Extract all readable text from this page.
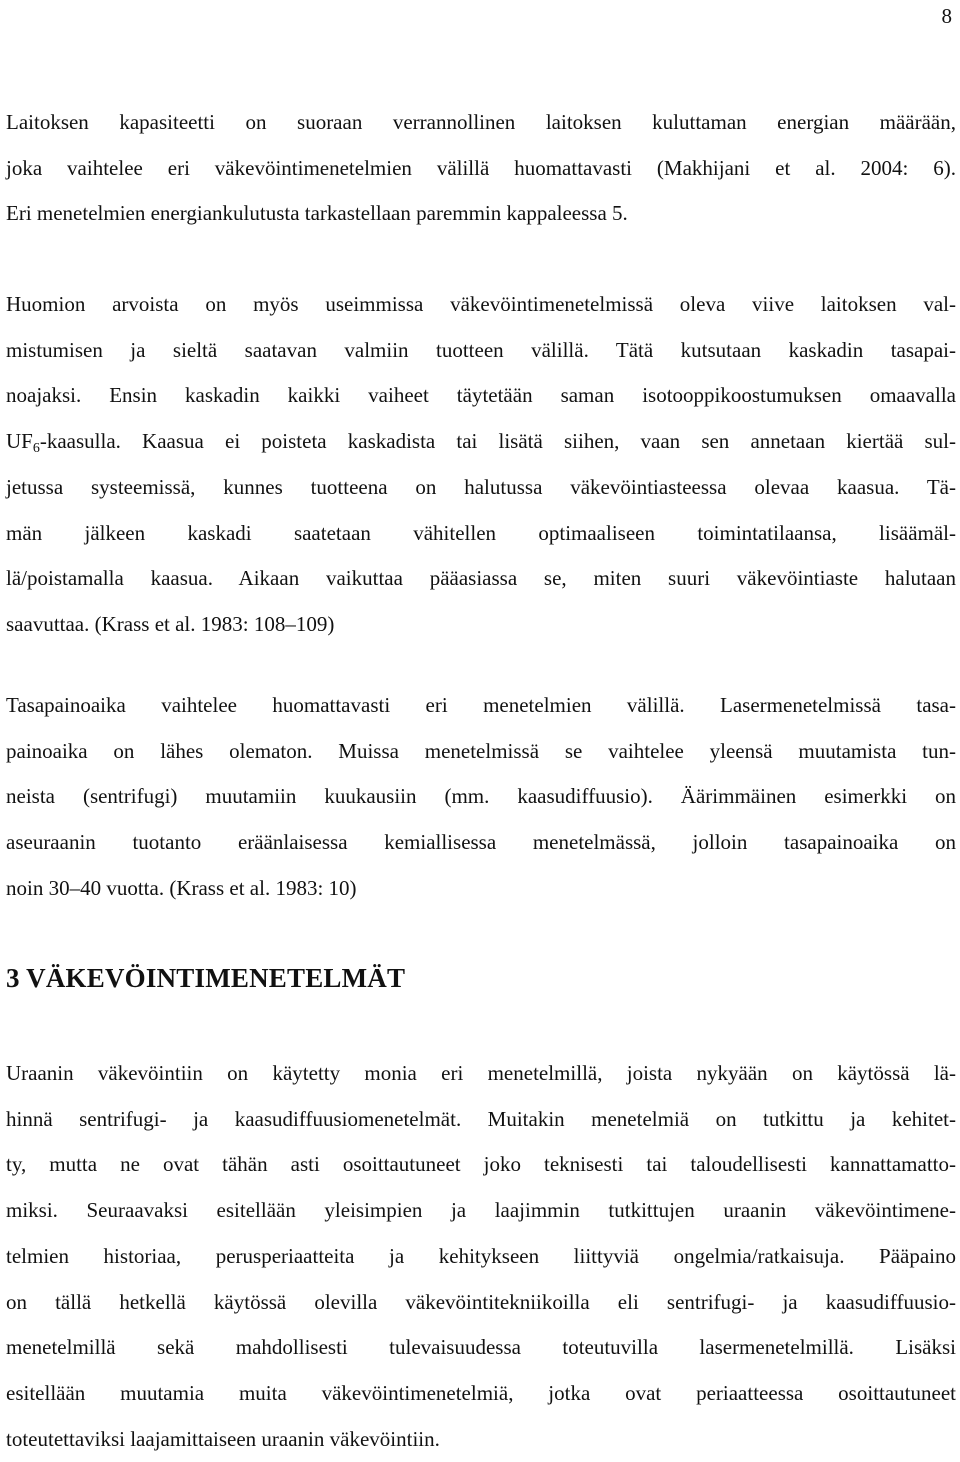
8

Laitoksen kapasiteetti on suoraan verrannollinen laitoksen kuluttaman energian määrään,
joka vaihtelee eri väkevöintimenetelmien välillä huomattavasti (Makhijani et al. 2004: 6).
Eri menetelmien energiankulutusta tarkastellaan paremmin kappaleessa 5.

Huomion arvoista on myös useimmissa väkevöintimenetelmissä oleva viive laitoksen val-
mistumisen ja sieltä saatavan valmiin tuotteen välillä. Tätä kutsutaan kaskadin tasapai-
noajaksi. Ensin kaskadin kaikki vaiheet täytetään saman isotooppikoostumuksen omaavalla
$UF_6$-kaasulla. Kaasua ei poisteta kaskadista tai lisätä siihen, vaan sen annetaan kiertää sul-
jetussa systeemissä, kunnes tuotteena on halutussa väkevöintiasteessa olevaa kaasua. Tä-
män jälkeen kaskadi saatetaan vähitellen optimaaliseen toimintatilaansa, lisäämäl-
lä/poistamalla kaasua. Aikaan vaikuttaa pääasiassa se, miten suuri väkevöintiaste halutaan
saavuttaa. (Krass et al. 1983: 108–109)

Tasapainoaika vaihtelee huomattavasti eri menetelmien välillä. Lasermenetelmissä tasa-
painoaika on lähes olematon. Muissa menetelmissä se vaihtelee yleensä muutamista tun-
neista (sentrifugi) muutamiin kuukausiin (mm. kaasudiffuusio). Äärimmäinen esimerkki on
aseuraanin tuotanto eräänlaisessa kemiallisessa menetelmässä, jolloin tasapainoaika on
noin 30–40 vuotta. (Krass et al. 1983: 10)

3 VÄKEVÖINTIMENETELMÄT

Uraanin väkevöintiin on käytetty monia eri menetelmillä, joista nykyään on käytössä lä-
hinnä sentrifugi- ja kaasudiffuusiomenetelmät. Muitakin menetelmiä on tutkittu ja kehitet-
ty, mutta ne ovat tähän asti osoittautuneet joko teknisesti tai taloudellisesti kannattamatto-
miksi. Seuraavaksi esitellään yleisimpien ja laajimmin tutkittujen uraanin väkevöintimene-
telmien historiaa, perusperiaatteita ja kehitykseen liittyviä ongelmia/ratkaisuja. Pääpaino
on tällä hetkellä käytössä olevilla väkevöintitekniikoilla eli sentrifugi- ja kaasudiffuusio-
menetelmillä sekä mahdollisesti tulevaisuudessa toteutuvilla lasermenetelmillä. Lisäksi
esitellään muutamia muita väkevöintimenetelmiä, jotka ovat periaatteessa osoittautuneet
toteutettaviksi laajamittaiseen uraanin väkevöintiin.
